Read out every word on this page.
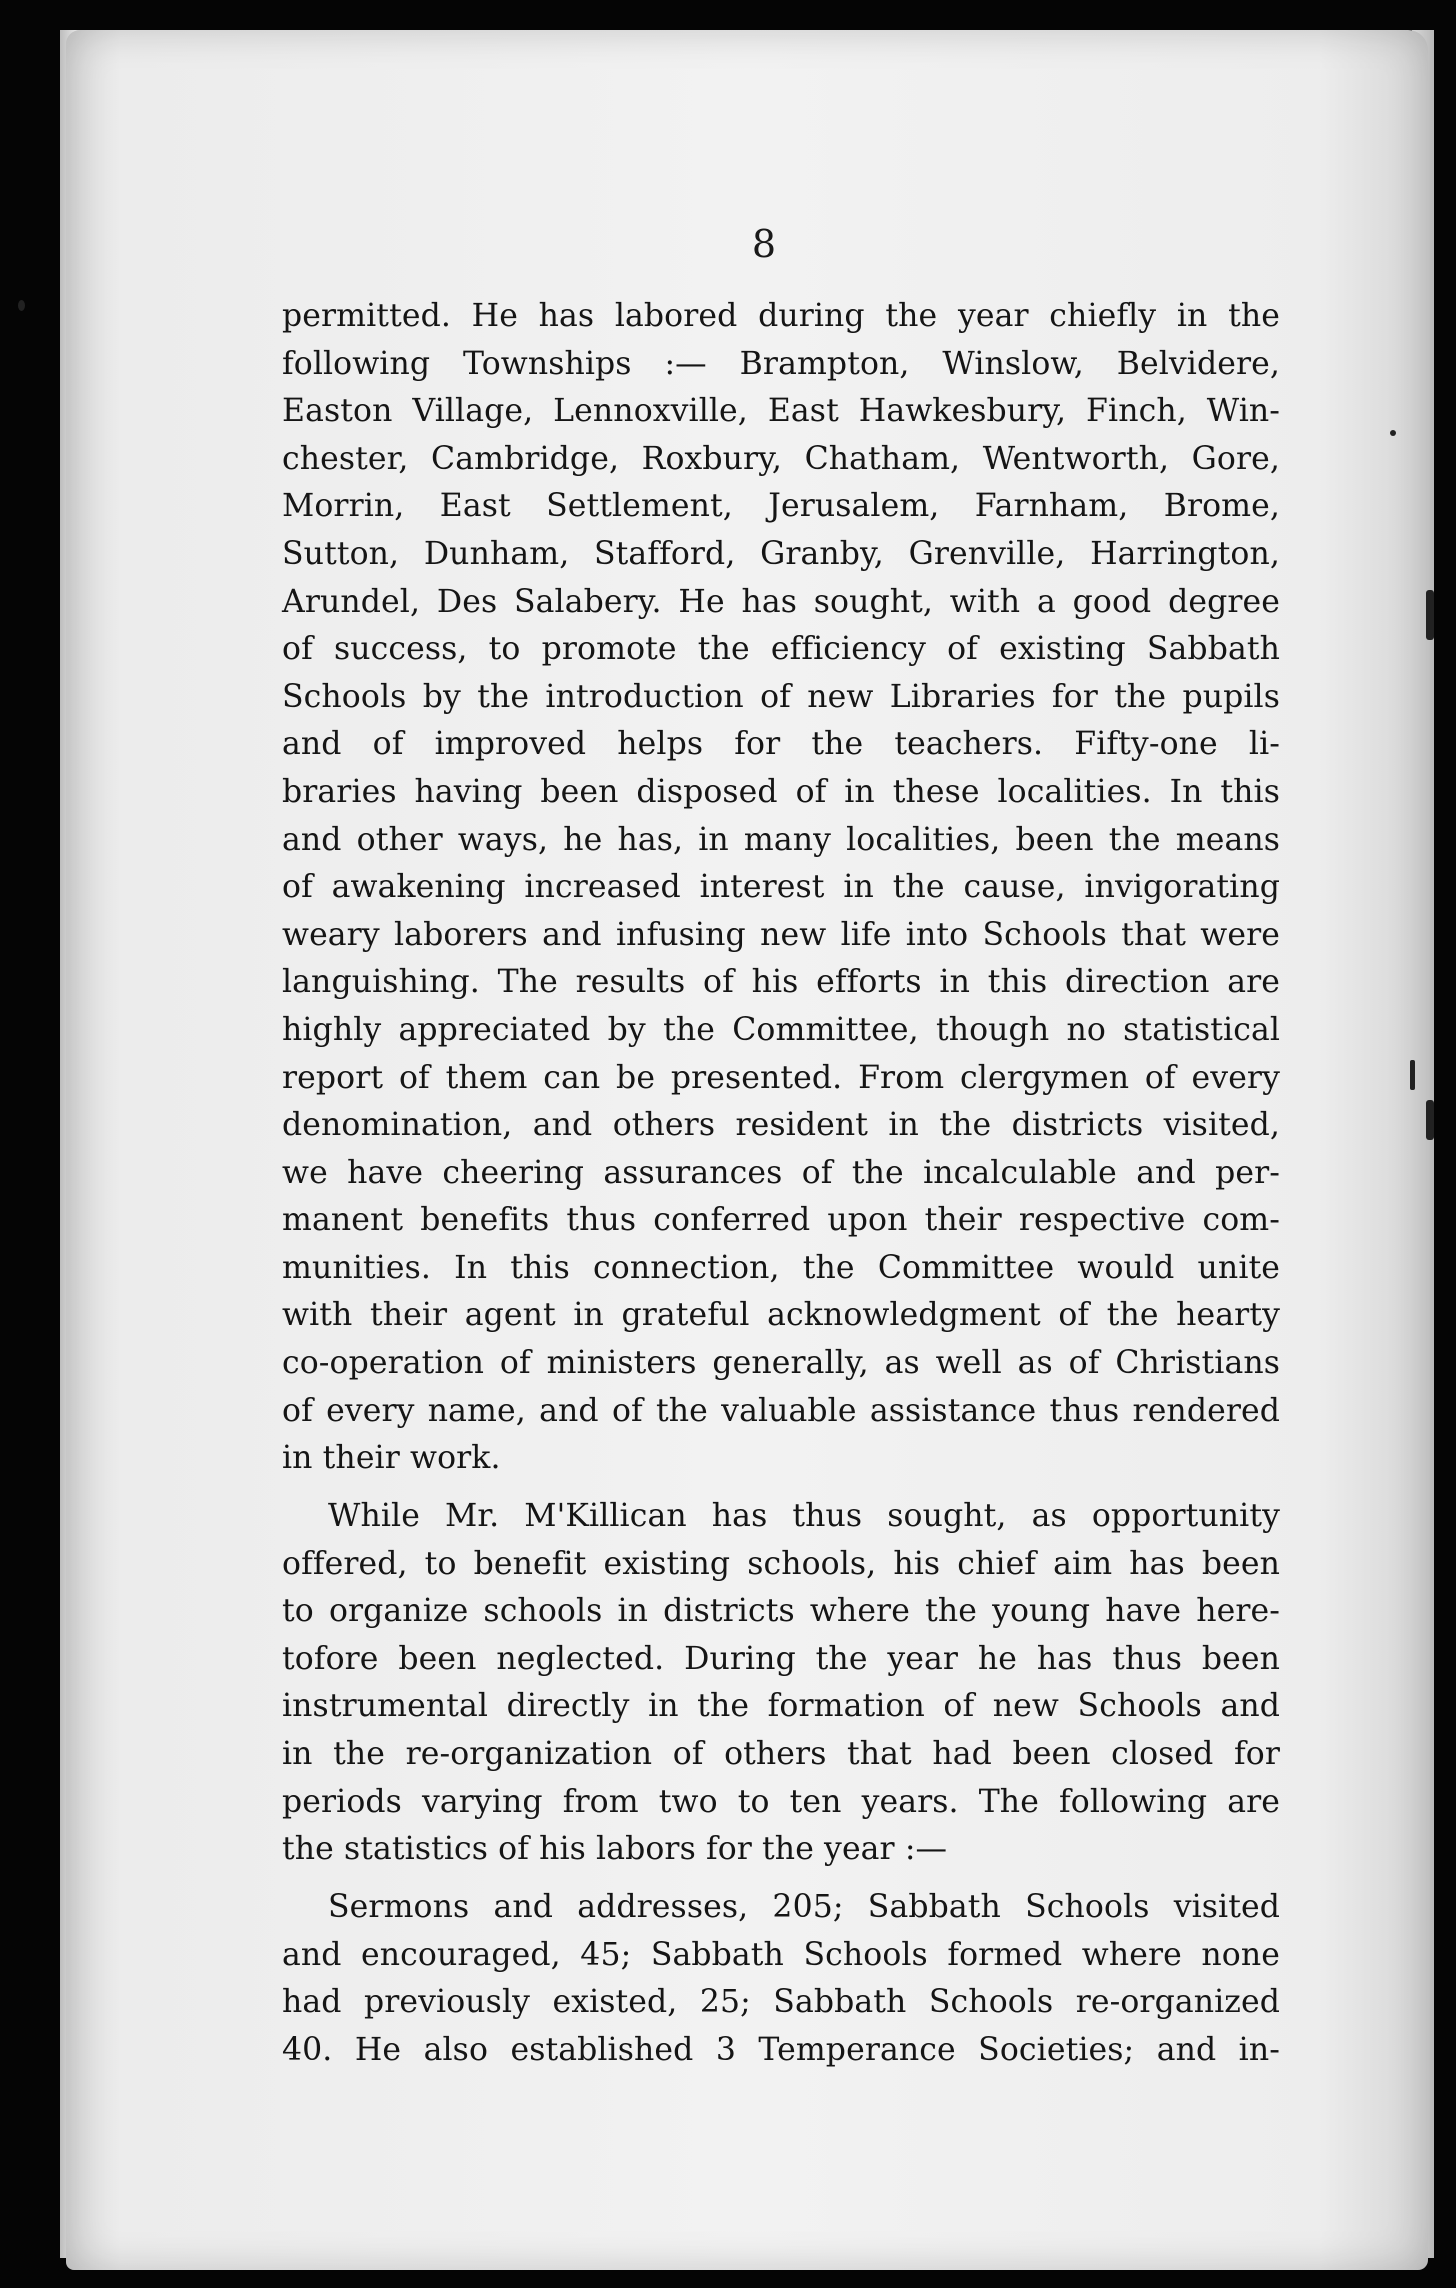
8
permitted. He has labored during the year chiefly in the
following Townships :— Brampton, Winslow, Belvidere,
Easton Village, Lennoxville, East Hawkesbury, Finch, Win-
chester, Cambridge, Roxbury, Chatham, Wentworth, Gore,
Morrin, East Settlement, Jerusalem, Farnham, Brome,
Sutton, Dunham, Stafford, Granby, Grenville, Harrington,
Arundel, Des Salabery. He has sought, with a good degree
of success, to promote the efficiency of existing Sabbath
Schools by the introduction of new Libraries for the pupils
and of improved helps for the teachers. Fifty-one li-
braries having been disposed of in these localities. In this
and other ways, he has, in many localities, been the means
of awakening increased interest in the cause, invigorating
weary laborers and infusing new life into Schools that were
languishing. The results of his efforts in this direction are
highly appreciated by the Committee, though no statistical
report of them can be presented. From clergymen of every
denomination, and others resident in the districts visited,
we have cheering assurances of the incalculable and per-
manent benefits thus conferred upon their respective com-
munities. In this connection, the Committee would unite
with their agent in grateful acknowledgment of the hearty
co-operation of ministers generally, as well as of Christians
of every name, and of the valuable assistance thus rendered
in their work.
While Mr. M'Killican has thus sought, as opportunity
offered, to benefit existing schools, his chief aim has been
to organize schools in districts where the young have here-
tofore been neglected. During the year he has thus been
instrumental directly in the formation of new Schools and
in the re-organization of others that had been closed for
periods varying from two to ten years. The following are
the statistics of his labors for the year :—
Sermons and addresses, 205; Sabbath Schools visited
and encouraged, 45; Sabbath Schools formed where none
had previously existed, 25; Sabbath Schools re-organized
40. He also established 3 Temperance Societies; and in-
